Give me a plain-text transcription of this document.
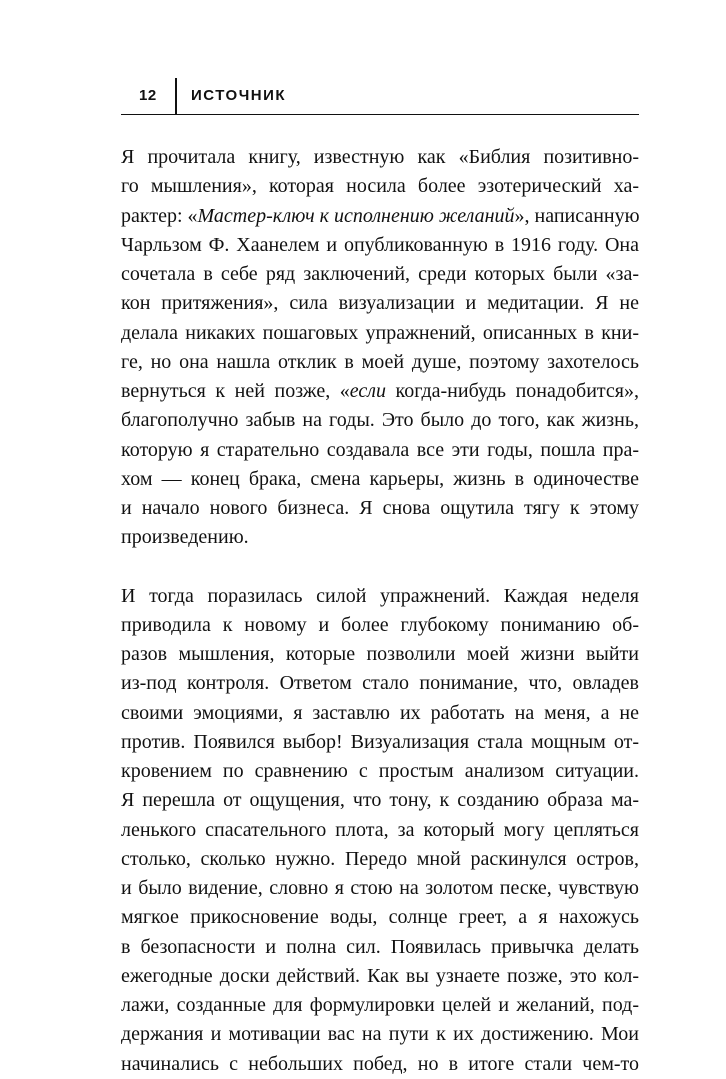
12 ИСТОЧНИК
Я прочитала книгу, известную как «Библия позитивно-
го мышления», которая носила более эзотерический ха-
рактер: «Мастер-ключ к исполнению желаний», написанную
Чарльзом Ф. Хаанелем и опубликованную в 1916 году. Она
сочетала в себе ряд заключений, среди которых были «за-
кон притяжения», сила визуализации и медитации. Я не
делала никаких пошаговых упражнений, описанных в кни-
ге, но она нашла отклик в моей душе, поэтому захотелось
вернуться к ней позже, «если когда-нибудь понадобится»,
благополучно забыв на годы. Это было до того, как жизнь,
которую я старательно создавала все эти годы, пошла пра-
хом — конец брака, смена карьеры, жизнь в одиночестве
и начало нового бизнеса. Я снова ощутила тягу к этому
произведению.
И тогда поразилась силой упражнений. Каждая неделя
приводила к новому и более глубокому пониманию об-
разов мышления, которые позволили моей жизни выйти
из-под контроля. Ответом стало понимание, что, овладев
своими эмоциями, я заставлю их работать на меня, а не
против. Появился выбор! Визуализация стала мощным от-
кровением по сравнению с простым анализом ситуации.
Я перешла от ощущения, что тону, к созданию образа ма-
ленького спасательного плота, за который могу цепляться
столько, сколько нужно. Передо мной раскинулся остров,
и было видение, словно я стою на золотом песке, чувствую
мягкое прикосновение воды, солнце греет, а я нахожусь
в безопасности и полна сил. Появилась привычка делать
ежегодные доски действий. Как вы узнаете позже, это кол-
лажи, созданные для формулировки целей и желаний, под-
держания и мотивации вас на пути к их достижению. Мои
начинались с небольших побед, но в итоге стали чем-то
